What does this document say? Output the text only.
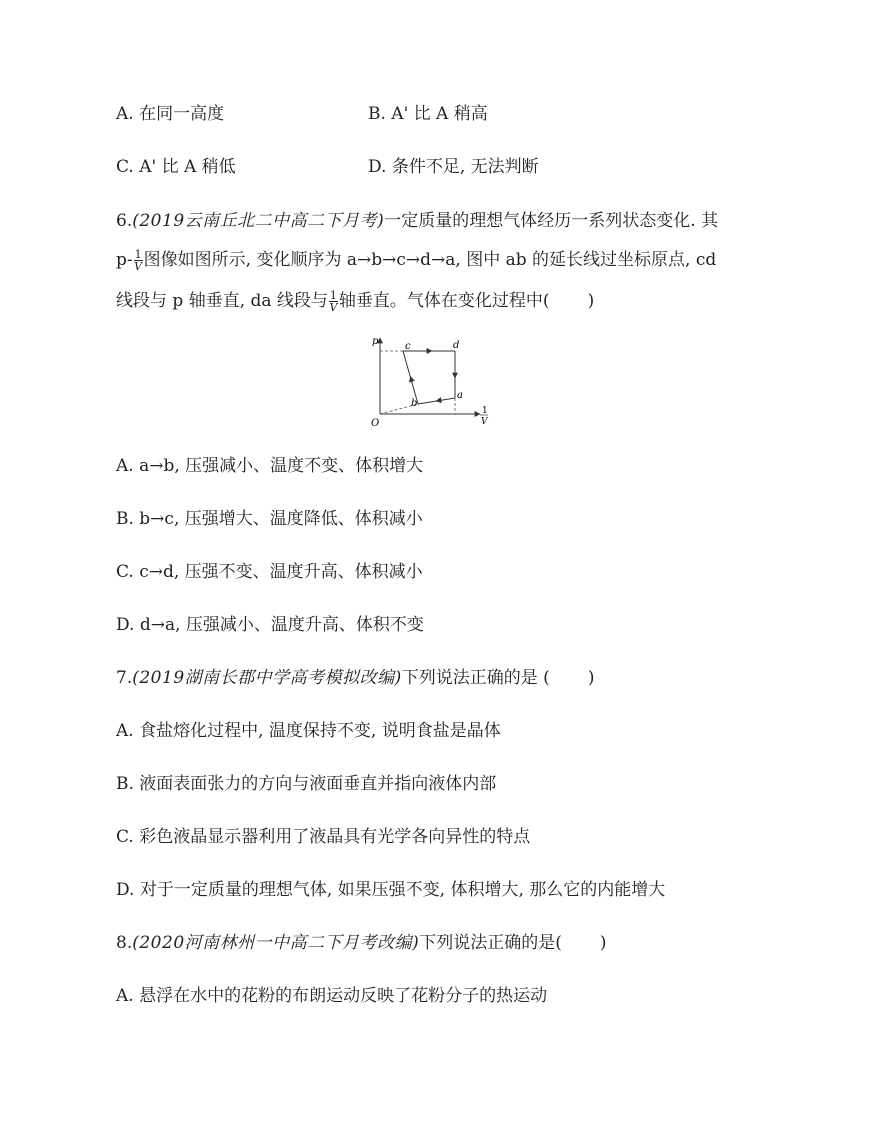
A. 在同一高度	B. A' 比 A 稍高
C. A' 比 A 稍低	D. 条件不足, 无法判断
6.(2019云南丘北二中高二下月考)一定质量的理想气体经历一系列状态变化. 其
$p- \frac{1}{V}$ 图像如图所示, 变化顺序为 a→b→c→d→a, 图中 ab 的延长线过坐标原点, cd
线段与 p 轴垂直, da 线段与 $\frac{1}{V}$ 轴垂直。气体在变化过程中( )
p
O
1
V
a
b
c	d
A. a→b, 压强减小、温度不变、体积增大
B. b→c, 压强增大、温度降低、体积减小
C. c→d, 压强不变、温度升高、体积减小
D. d→a, 压强减小、温度升高、体积不变
7.(2019湖南长郡中学高考模拟改编)下列说法正确的是 ( )
A. 食盐熔化过程中, 温度保持不变, 说明食盐是晶体
B. 液面表面张力的方向与液面垂直并指向液体内部
C. 彩色液晶显示器利用了液晶具有光学各向异性的特点
D. 对于一定质量的理想气体, 如果压强不变, 体积增大, 那么它的内能增大
8.(2020河南林州一中高二下月考改编)下列说法正确的是( )
A. 悬浮在水中的花粉的布朗运动反映了花粉分子的热运动
